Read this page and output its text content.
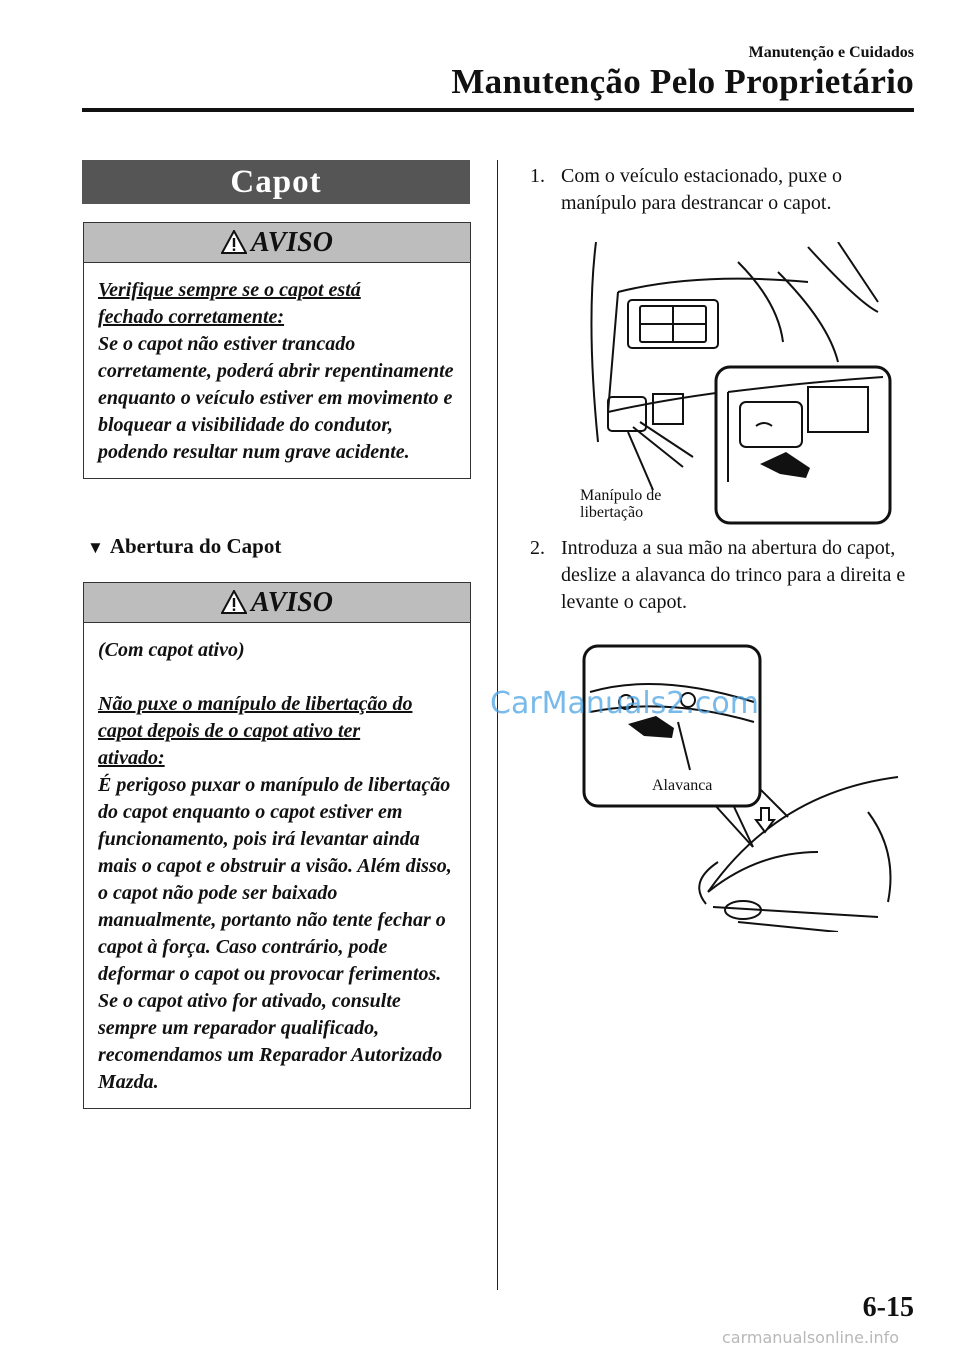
Manutenção e Cuidados
Manutenção Pelo Proprietário
Capot
AVISO

Verifique sempre se o capot está
fechado corretamente:

Se o capot não estiver trancado corretamente, poderá abrir repentinamente enquanto o veículo estiver em movimento e bloquear a visibilidade do condutor, podendo resultar num grave acidente.

▼ Abertura do Capot
AVISO

(Com capot ativo)

Não puxe o manípulo de libertação do
capot depois de o capot ativo ter
ativado:

É perigoso puxar o manípulo de libertação do capot enquanto o capot estiver em funcionamento, pois irá levantar ainda mais o capot e obstruir a visão. Além disso, o capot não pode ser baixado manualmente, portanto não tente fechar o capot à força. Caso contrário, pode deformar o capot ou provocar ferimentos. Se o capot ativo for ativado, consulte sempre um reparador qualificado, recomendamos um Reparador Autorizado Mazda.

1. Com o veículo estacionado, puxe o manípulo para destrancar o capot.
Manípulo de
libertação
2. Introduza a sua mão na abertura do capot, deslize a alavanca do trinco para a direita e levante o capot.
Alavanca
CarManuals2.com
6-15
carmanualsonline.info
